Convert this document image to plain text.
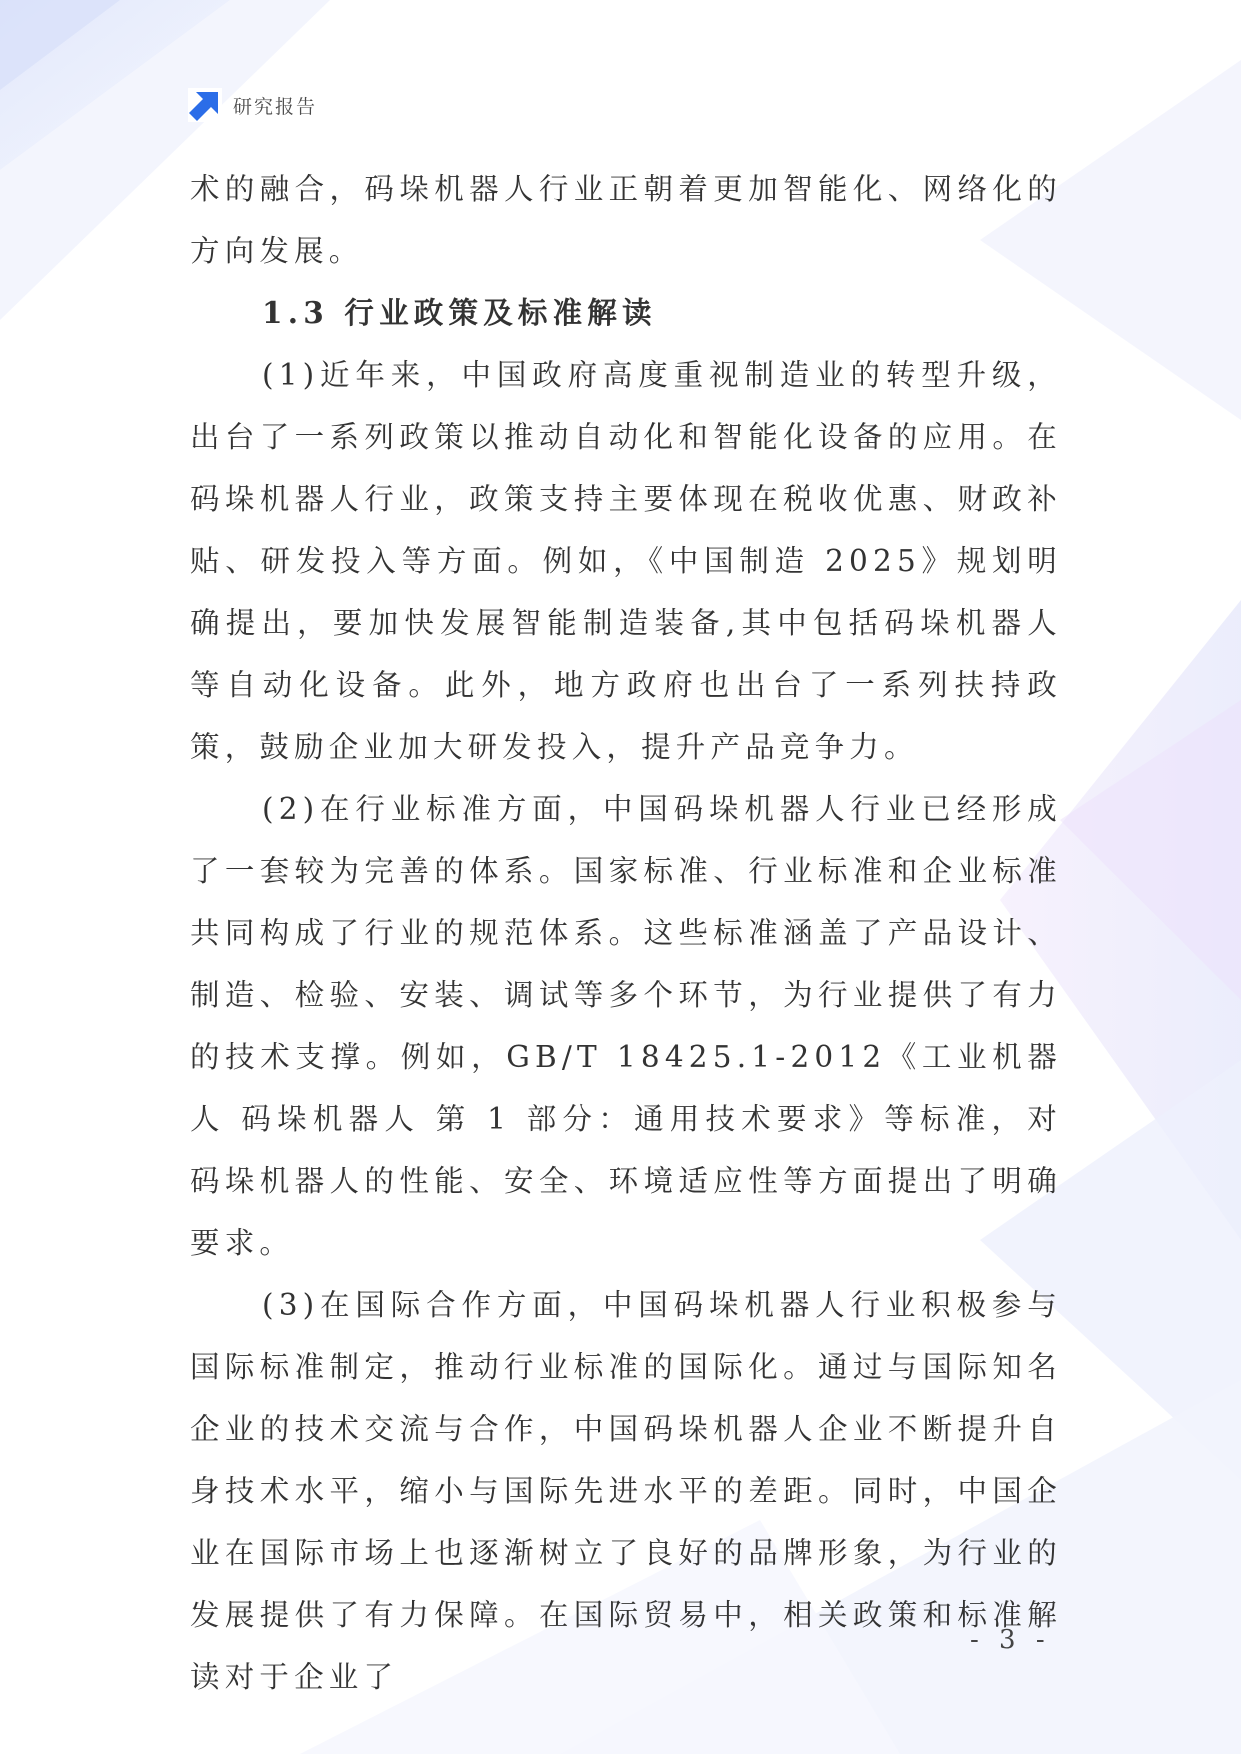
研究报告

术的融合，码垛机器人行业正朝着更加智能化、网络化的方向发展。

1.3 行业政策及标准解读

(1)近年来，中国政府高度重视制造业的转型升级，出台了一系列政策以推动自动化和智能化设备的应用。在码垛机器人行业，政策支持主要体现在税收优惠、财政补贴、研发投入等方面。例如，《中国制造 2025》规划明确提出，要加快发展智能制造装备,其中包括码垛机器人等自动化设备。此外，地方政府也出台了一系列扶持政策，鼓励企业加大研发投入，提升产品竞争力。

(2)在行业标准方面，中国码垛机器人行业已经形成了一套较为完善的体系。国家标准、行业标准和企业标准共同构成了行业的规范体系。这些标准涵盖了产品设计、制造、检验、安装、调试等多个环节，为行业提供了有力的技术支撑。例如，GB/T 18425.1-2012《工业机器人 码垛机器人 第 1 部分：通用技术要求》等标准，对码垛机器人的性能、安全、环境适应性等方面提出了明确要求。

(3)在国际合作方面，中国码垛机器人行业积极参与国际标准制定，推动行业标准的国际化。通过与国际知名企业的技术交流与合作，中国码垛机器人企业不断提升自身技术水平，缩小与国际先进水平的差距。同时，中国企业在国际市场上也逐渐树立了良好的品牌形象，为行业的发展提供了有力保障。在国际贸易中，相关政策和标准解读对于企业了

- 3 -
